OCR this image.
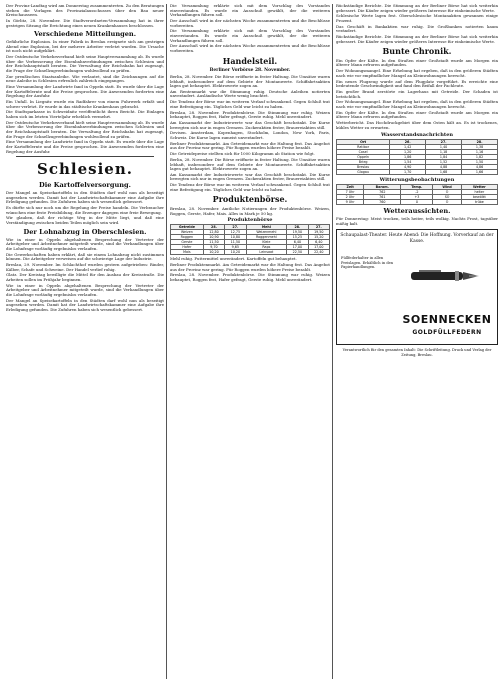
Der Provinz-Landtag wird am Donnerstag zusammentreten. Zu den Beratungen stehen die Vorlagen des Provinzialausschusses über den Bau neuer Kreischausseen.

In Görlitz, 28. November. Die Stadtverordneten-Versammlung hat in ihrer gestrigen Sitzung die Errichtung eines neuen Krankenhauses beschlossen.

Verschiedene Mitteilungen.

Gefährliche Explosion. In einer Fabrik in Breslau ereignete sich am gestrigen Abend eine Explosion, bei der mehrere Arbeiter verletzt wurden. Die Ursache ist noch nicht aufgeklärt.

Der Ostdeutsche Verkehrsverband hielt seine Hauptversammlung ab. Es wurde über die Verbesserung der Eisenbahnverbindungen zwischen Schlesien und der Reichshauptstadt beraten. Die Verwaltung der Reichsbahn hat zugesagt, die Frage der Schnellzugverbindungen wohlwollend zu prüfen.

Zur preußischen Staatsanleihe. Wie verlautet, sind die Zeichnungen auf die neue Anleihe in Schlesien erfreulich zahlreich eingegangen.

Eine Versammlung der Landwirte fand in Oppeln statt. Es wurde über die Lage der Kartoffelernte und die Preise gesprochen. Die Anwesenden forderten eine Regelung der Ausfuhr.

Ein Unfall. In Liegnitz wurde ein Radfahrer von einem Fuhrwerk erfaßt und schwer verletzt. Er wurde in das städtische Krankenhaus gebracht.

Die Stadtsparkasse in Schweidnitz veröffentlicht ihren Bericht. Die Einlagen haben sich im letzten Vierteljahr erheblich vermehrt.

Der Ostdeutsche Verkehrsverband hielt seine Hauptversammlung ab. Es wurde über die Verbesserung der Eisenbahnverbindungen zwischen Schlesien und der Reichshauptstadt beraten. Die Verwaltung der Reichsbahn hat zugesagt, die Frage der Schnellzugverbindungen wohlwollend zu prüfen.

Eine Versammlung der Landwirte fand in Oppeln statt. Es wurde über die Lage der Kartoffelernte und die Preise gesprochen. Die Anwesenden forderten eine Regelung der Ausfuhr.

Schlesien.
Die Kartoffelversorgung.

Der Mangel an Speisekartoffeln in den Städten darf wohl nun als beseitigt angesehen werden. Damit hat der Landwirtschaftskammer eine Aufgabe ihre Erledigung gefunden. Die Zufuhren haben sich wesentlich gebessert.

Es dürfte sich nur noch um die Regelung der Preise handeln. Die Verbraucher wünschen eine feste Preisbildung, die Erzeuger dagegen eine freie Bewegung.

Wir glauben, daß der richtige Weg in der Mitte liegt, und daß eine Verständigung zwischen beiden Teilen möglich sein wird.

Der Lohnabzug in Oberschlesien.

Wie in einer in Oppeln abgehaltenen Besprechung der Vertreter der Arbeitgeber und Arbeitnehmer mitgeteilt wurde, sind die Verhandlungen über die Lohnfrage vorläufig ergebnislos verlaufen.

Die Gewerkschaften haben erklärt, daß sie einem Lohnabzug nicht zustimmen können. Die Arbeitgeber verweisen auf die schwierige Lage der Industrie.

Breslau, 29. November. Im Schlachthof wurden gestern aufgetrieben: Rinder, Kälber, Schafe und Schweine. Der Handel verlief ruhig.

Glatz. Der Kreistag bewilligte die Mittel für den Ausbau der Kreisstraße. Die Arbeiten sollen im Frühjahr beginnen.

Wie in einer in Oppeln abgehaltenen Besprechung der Vertreter der Arbeitgeber und Arbeitnehmer mitgeteilt wurde, sind die Verhandlungen über die Lohnfrage vorläufig ergebnislos verlaufen.

Der Mangel an Speisekartoffeln in den Städten darf wohl nun als beseitigt angesehen werden. Damit hat der Landwirtschaftskammer eine Aufgabe ihre Erledigung gefunden. Die Zufuhren haben sich wesentlich gebessert.

Die Versammlung erklärte sich mit dem Vorschlag des Vorstandes einverstanden. Es wurde ein Ausschuß gewählt, der die weiteren Verhandlungen führen soll.

Der Ausschuß wird in der nächsten Woche zusammentreten und die Beschlüsse vorbereiten.

Die Versammlung erklärte sich mit dem Vorschlag des Vorstandes einverstanden. Es wurde ein Ausschuß gewählt, der die weiteren Verhandlungen führen soll.

Der Ausschuß wird in der nächsten Woche zusammentreten und die Beschlüsse vorbereiten.

Handelsteil.
Berliner Vorbörse 28. November.

Berlin, 28. November. Die Börse eröffnete in fester Haltung. Die Umsätze waren lebhaft, insbesondere auf dem Gebiete der Montanwerte. Schiffahrtsaktien lagen gut behauptet. Elektrowerte zogen an.

Am Rentenmarkt war die Stimmung ruhig. Deutsche Anleihen notierten unverändert. Ausländische Werte wenig beachtet.

Die Tendenz der Börse war im weiteren Verlauf schwankend. Gegen Schluß trat eine Befestigung ein. Tägliches Geld war leicht zu haben.

Breslau, 28. November. Produktenbörse. Die Stimmung war ruhig. Weizen behauptet, Roggen fest, Hafer gefragt, Gerste ruhig. Mehl unverändert.

Am Kassamarkt der Industriewerte war das Geschäft beschränkt. Die Kurse bewegten sich nur in engen Grenzen. Zuckeraktien fester, Brauereiaktien still.

Devisen. Amsterdam, Kopenhagen, Stockholm, London, New York, Paris, Schweiz. Die Kurse lagen zumeist unverändert.

Berliner Produktenmarkt. Am Getreidemarkt war die Haltung fest. Das Angebot aus der Provinz war gering. Für Roggen wurden höhere Preise bezahlt.

Die Getreidepreise stellten sich für 1000 Kilogramm ab Station wie folgt.

Berlin, 28. November. Die Börse eröffnete in fester Haltung. Die Umsätze waren lebhaft, insbesondere auf dem Gebiete der Montanwerte. Schiffahrtsaktien lagen gut behauptet. Elektrowerte zogen an.

Am Kassamarkt der Industriewerte war das Geschäft beschränkt. Die Kurse bewegten sich nur in engen Grenzen. Zuckeraktien fester, Brauereiaktien still.

Die Tendenz der Börse war im weiteren Verlauf schwankend. Gegen Schluß trat eine Befestigung ein. Tägliches Geld war leicht zu haben.

Produktenbörse.

Breslau, 28. November. Amtliche Notierungen der Produktenbörse. Weizen, Roggen, Gerste, Hafer, Mais. Alles in Mark je 50 kg.

Produktenbörse
Getreide	28.	27.	Mehl	28.	27.
Weizen	12,80	12,75	Weizenmehl	19,50	19,50
Roggen	10,90	10,80	Roggenmehl	15,25	15,20
Gerste	11,50	11,50	Kleie	6,40	6,40
Hafer	9,70	9,65	Raps	17,00	17,00
Mais	10,20	10,20	Leinsaat	22,50	22,40

Mehl ruhig. Futtermittel unverändert. Kartoffeln gut behauptet.

Berliner Produktenmarkt. Am Getreidemarkt war die Haltung fest. Das Angebot aus der Provinz war gering. Für Roggen wurden höhere Preise bezahlt.

Breslau, 28. November. Produktenbörse. Die Stimmung war ruhig. Weizen behauptet, Roggen fest, Hafer gefragt, Gerste ruhig. Mehl unverändert.

Rückständige Berichte. Die Stimmung an der Berliner Börse hat sich weiterhin gebessert. Die Käufer zeigen wieder größeres Interesse für einheimische Werte.

Schlesische Werte lagen fest. Oberschlesische Montanaktien gewannen einige Prozent.

Das Geschäft in Bankaktien war ruhig. Die Großbanken notierten kaum verändert.

Rückständige Berichte. Die Stimmung an der Berliner Börse hat sich weiterhin gebessert. Die Käufer zeigen wieder größeres Interesse für einheimische Werte.

Bunte Chronik.

Ein Opfer der Kälte. In den Straßen einer Großstadt wurde am Morgen ein älterer Mann erfroren aufgefunden.

Der Wohnungsmangel. Eine Erhebung hat ergeben, daß in den größeren Städten nach wie vor empfindlicher Mangel an Kleinwohnungen herrscht.

Ein neues Flugzeug wurde auf dem Flugplatz vorgeführt. Es erreichte eine bedeutende Geschwindigkeit und fand den Beifall der Fachleute.

Ein großer Brand zerstörte ein Lagerhaus mit Getreide. Der Schaden ist beträchtlich.

Der Wohnungsmangel. Eine Erhebung hat ergeben, daß in den größeren Städten nach wie vor empfindlicher Mangel an Kleinwohnungen herrscht.

Ein Opfer der Kälte. In den Straßen einer Großstadt wurde am Morgen ein älterer Mann erfroren aufgefunden.

Wetterbericht. Das Hochdruckgebiet über dem Osten hält an. Es ist trockenes, kühles Wetter zu erwarten.

Wasserstandsnachrichten
Ort	26.	27.	28.
Ratibor	1,42	1,40	1,38
Cosel	1,20	1,18	1,16
Oppeln	1,86	1,84	1,82
Brieg	1,54	1,52	1,50
Breslau	4,90	4,88	4,86
Glogau	1,70	1,68	1,66
Witterungsbeobachtungen
Zeit	Barom.	Temp.	Wind	Wetter
7 Uhr	762	-2	O	heiter
2 Uhr	761	+3	SO	bewölkt
9 Uhr	760	0	O	trübe
Wetteraussichten.

Für Donnerstag: Meist trocken, teils heiter, teils wolkig. Nachts Frost, tagsüber mäßig kalt.

Schaupalast-Theater. Heute Abend: Die Hoffnung. Vorverkauf an der Kasse.
Füllfederhalter in allen Preislagen. Erhältlich in den Papierhandlungen.
SOENNECKEN
GOLDFÜLLFEDERN
Verantwortlich für den gesamten Inhalt: Die Schriftleitung. Druck und Verlag der Zeitung, Breslau.
